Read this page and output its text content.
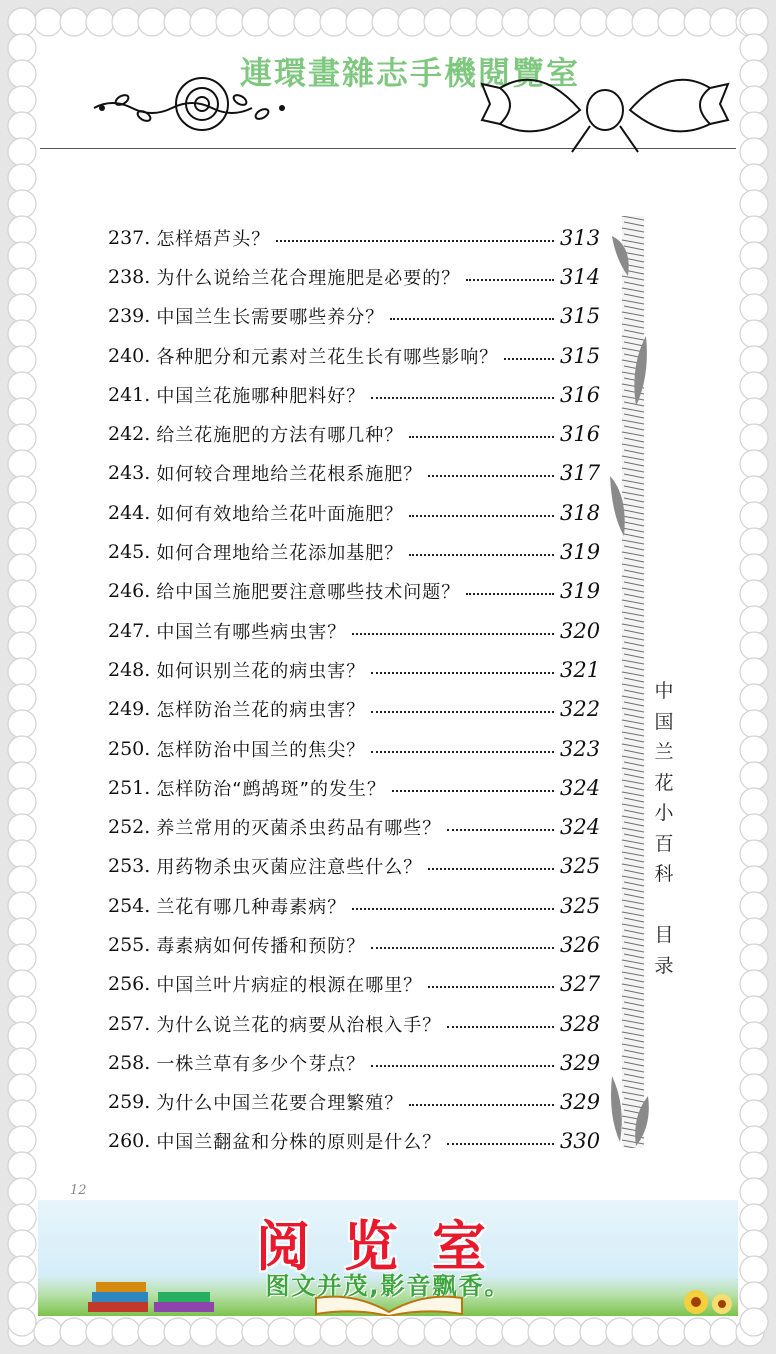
連環畫雜志手機閱覽室
237. 怎样焐芦头？	313
238. 为什么说给兰花合理施肥是必要的？	314
239. 中国兰生长需要哪些养分？	315
240. 各种肥分和元素对兰花生长有哪些影响？	315
241. 中国兰花施哪种肥料好？	316
242. 给兰花施肥的方法有哪几种？	316
243. 如何较合理地给兰花根系施肥？	317
244. 如何有效地给兰花叶面施肥？	318
245. 如何合理地给兰花添加基肥？	319
246. 给中国兰施肥要注意哪些技术问题？	319
247. 中国兰有哪些病虫害？	320
248. 如何识别兰花的病虫害？	321
249. 怎样防治兰花的病虫害？	322
250. 怎样防治中国兰的焦尖？	323
251. 怎样防治“鹧鸪斑”的发生？	324
252. 养兰常用的灭菌杀虫药品有哪些？	324
253. 用药物杀虫灭菌应注意些什么？	325
254. 兰花有哪几种毒素病？	325
255. 毒素病如何传播和预防？	326
256. 中国兰叶片病症的根源在哪里？	327
257. 为什么说兰花的病要从治根入手？	328
258. 一株兰草有多少个芽点？	329
259. 为什么中国兰花要合理繁殖？	329
260. 中国兰翻盆和分株的原则是什么？	330
中
国
兰
花
小
百
科

目
录
12
阅览室
图文并茂,影音飘香。
